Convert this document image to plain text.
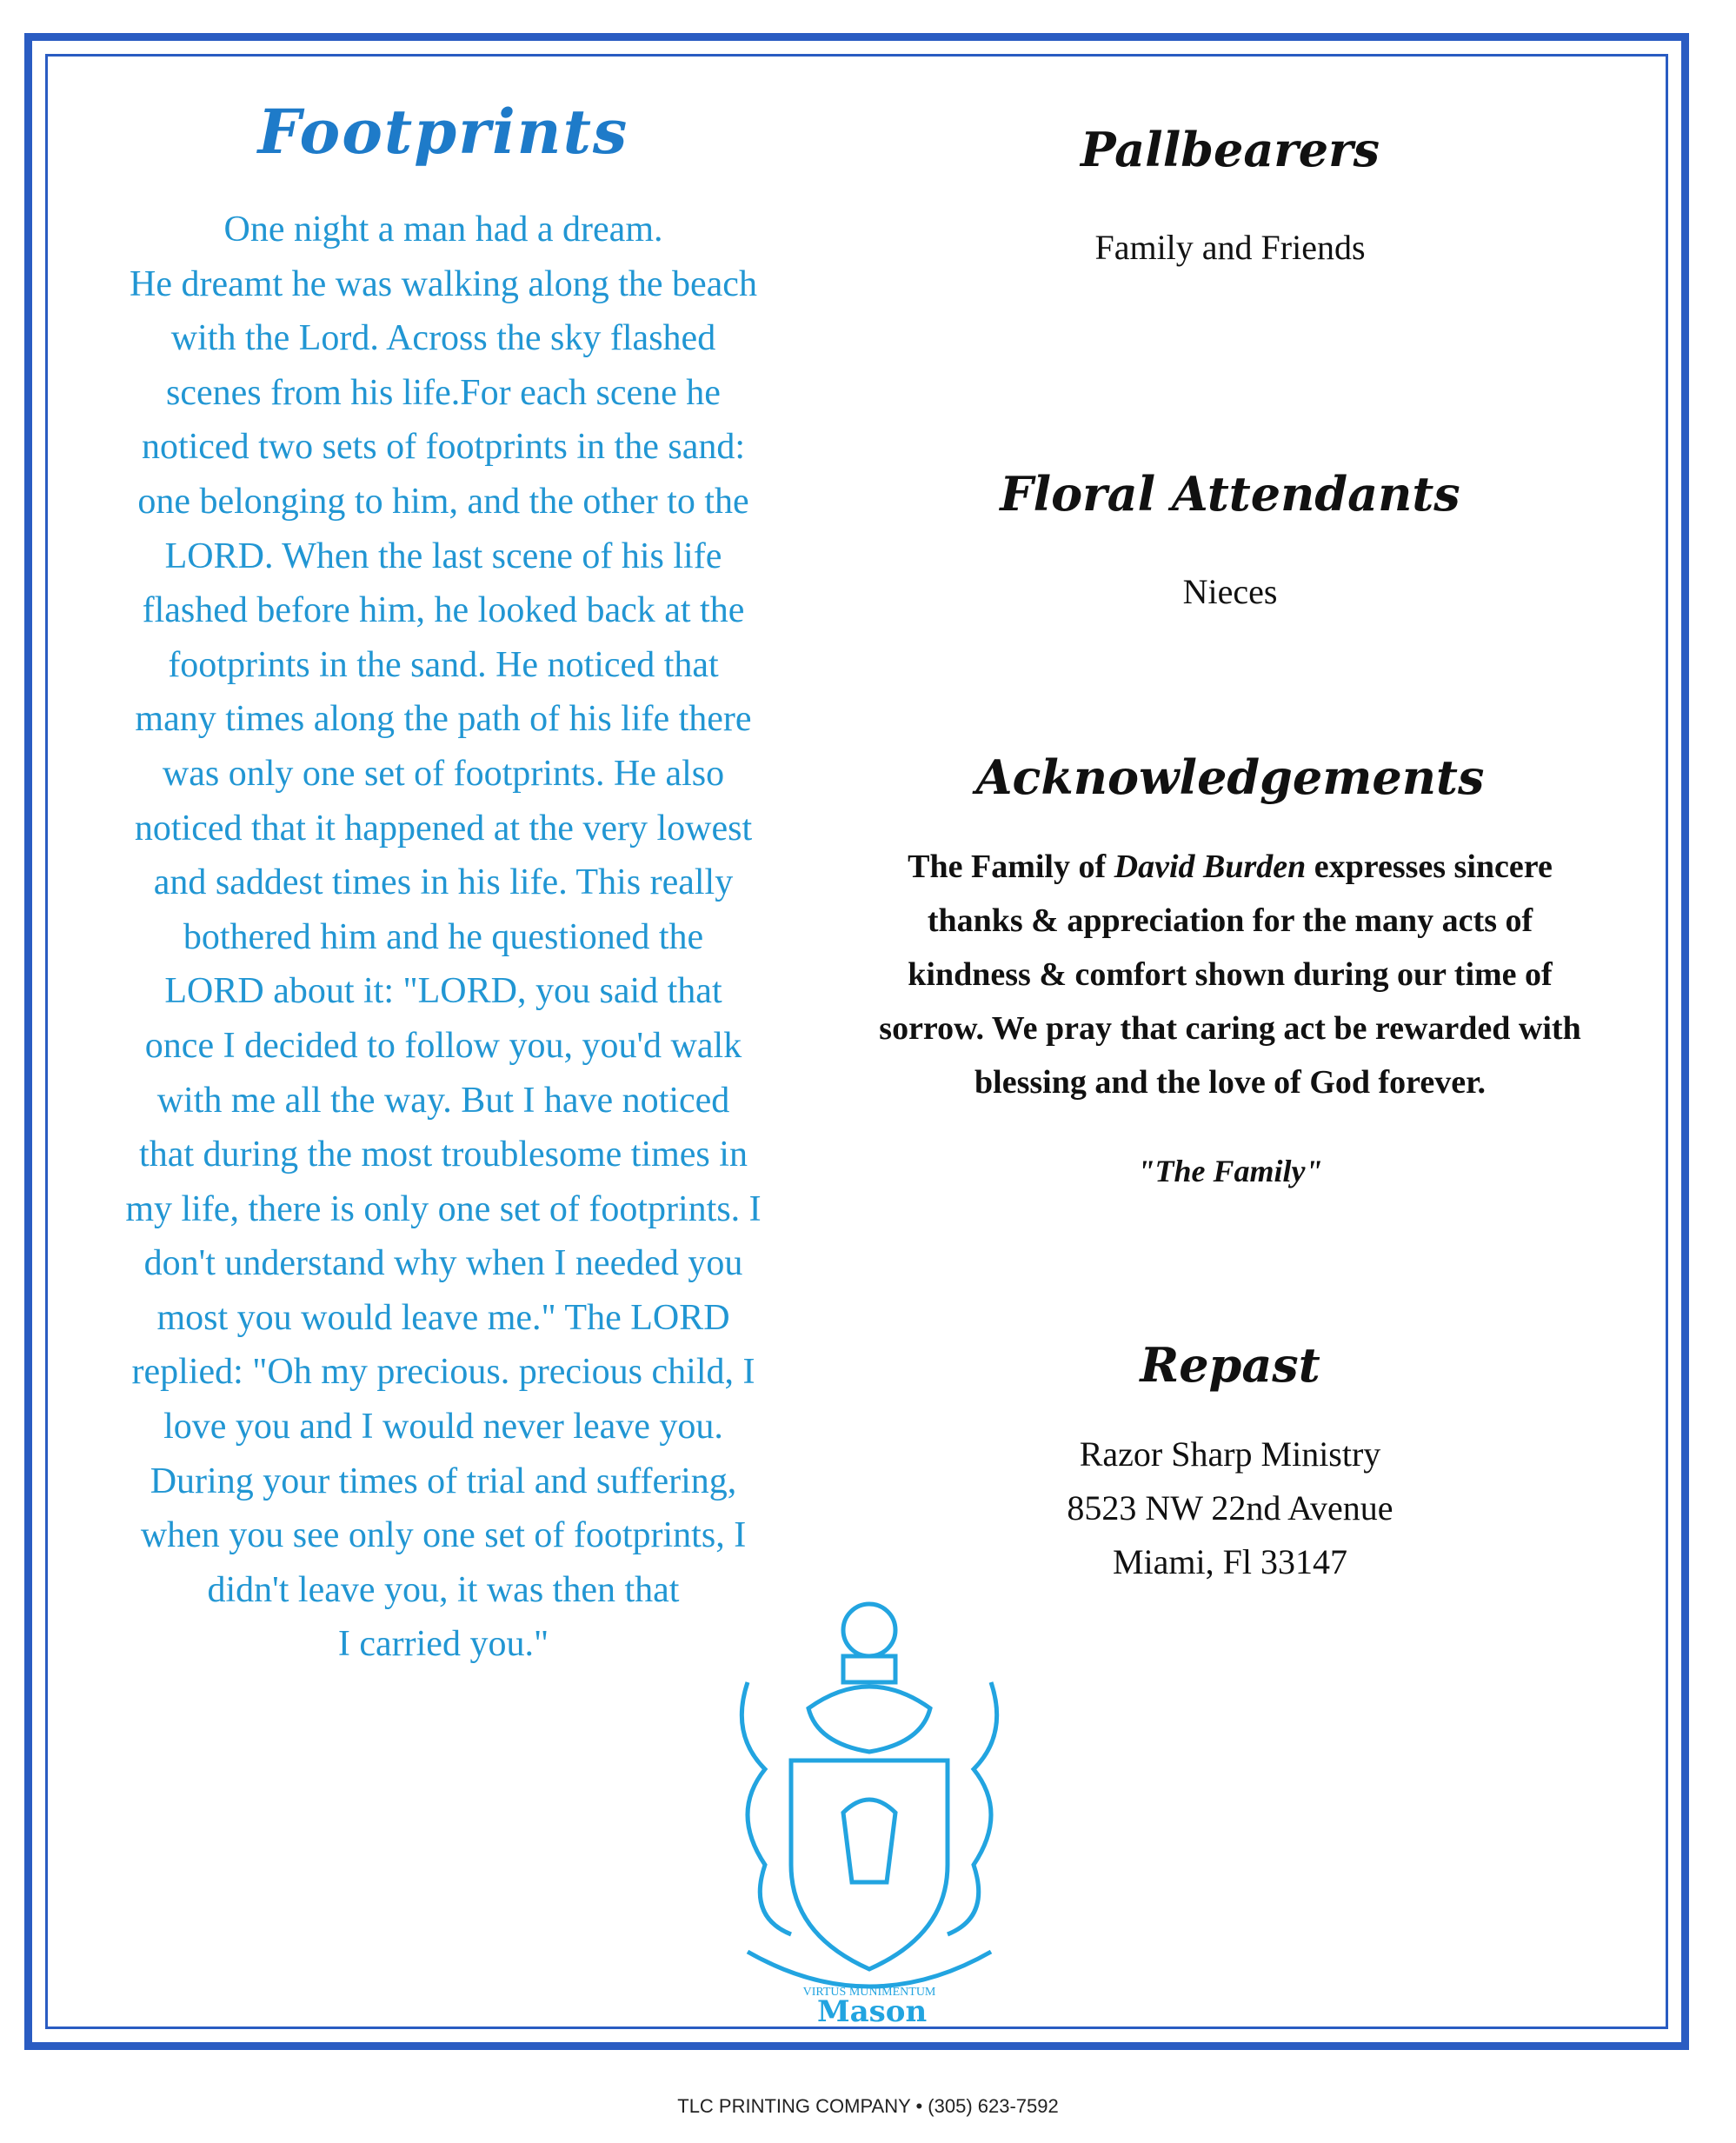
Footprints

One night a man had a dream.

He dreamt he was walking along the beach

with the Lord. Across the sky flashed

scenes from his life.For each scene he

noticed two sets of footprints in the sand:

one belonging to him, and the other to the

LORD. When the last scene of his life

flashed before him, he looked back at the

footprints in the sand. He noticed that

many times along the path of his life there

was only one set of footprints. He also

noticed that it happened at the very lowest

and saddest times in his life. This really

bothered him and he questioned the

LORD about it: "LORD, you said that

once I decided to follow you, you'd walk

with me all the way. But I have noticed

that during the most troublesome times in

my life, there is only one set of footprints. I

don't understand why when I needed you

most you would leave me." The LORD

replied: "Oh my precious. precious child, I

love you and I would never leave you.

During your times of trial and suffering,

when you see only one set of footprints, I

didn't leave you, it was then that

I carried you."

Pallbearers

Family and Friends

Floral Attendants

Nieces

Acknowledgements

The Family of David Burden expresses sincere

thanks & appreciation for the many acts of

kindness & comfort shown during our time of

sorrow. We pray that caring act be rewarded with

blessing and the love of God forever.

"The Family"

Repast

Razor Sharp Ministry

8523 NW 22nd Avenue

Miami, Fl 33147

VIRTUS MUNIMENTUM
Mason
TLC PRINTING COMPANY • (305) 623-7592
